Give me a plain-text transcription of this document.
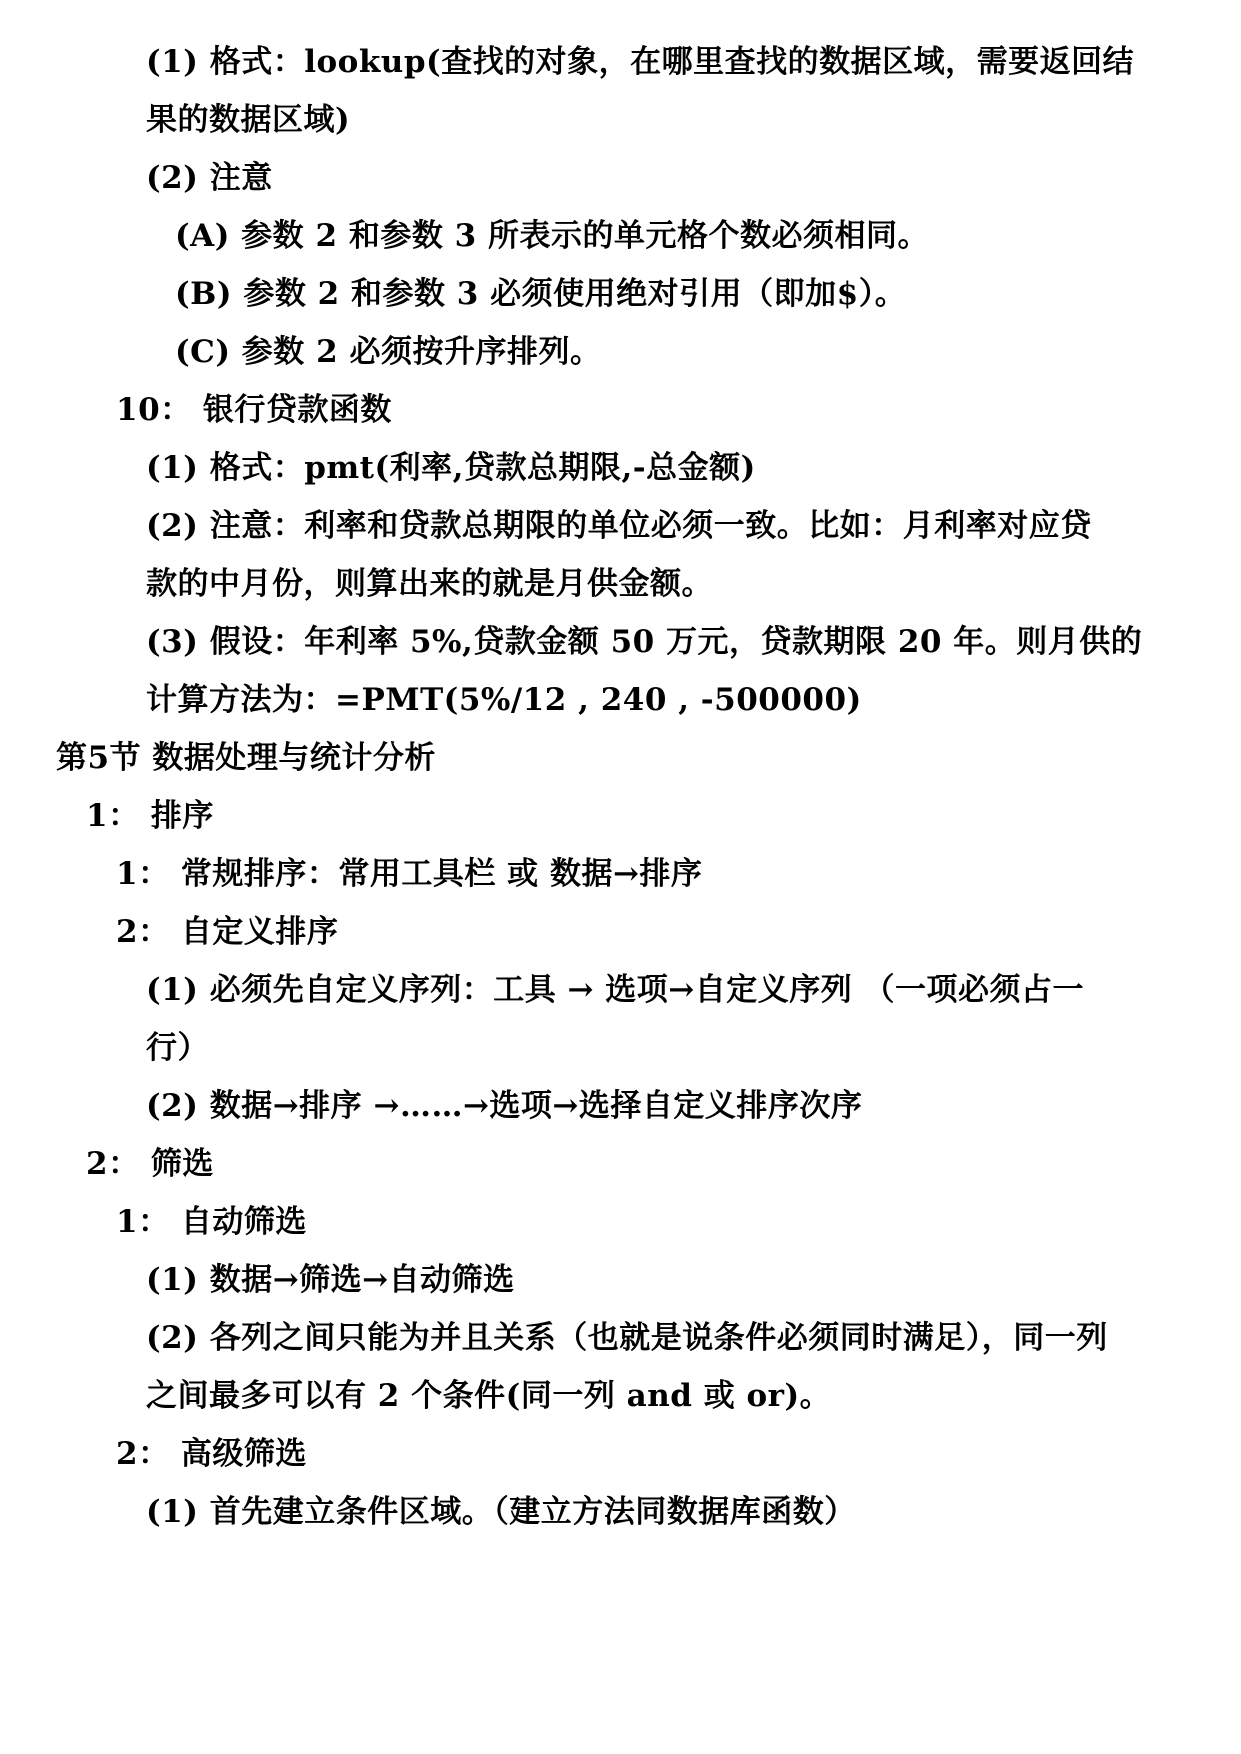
(1) 格式：lookup(查找的对象，在哪里查找的数据区域，需要返回结
果的数据区域)
(2) 注意
(A) 参数 2 和参数 3 所表示的单元格个数必须相同。
(B) 参数 2 和参数 3 必须使用绝对引用（即加$）。
(C) 参数 2 必须按升序排列。
10： 银行贷款函数
(1) 格式：pmt(利率,贷款总期限,-总金额)
(2) 注意：利率和贷款总期限的单位必须一致。比如：月利率对应贷
款的中月份，则算出来的就是月供金额。
(3) 假设：年利率 5%,贷款金额 50 万元，贷款期限 20 年。则月供的
计算方法为：=PMT(5%/12 , 240 , -500000)
第5节 数据处理与统计分析
1： 排序
1： 常规排序：常用工具栏 或 数据→排序
2： 自定义排序
(1) 必须先自定义序列：工具 → 选项→自定义序列 （一项必须占一
行）
(2) 数据→排序 →……→选项→选择自定义排序次序
2： 筛选
1： 自动筛选
(1) 数据→筛选→自动筛选
(2) 各列之间只能为并且关系（也就是说条件必须同时满足），同一列
之间最多可以有 2 个条件(同一列 and 或 or)。
2： 高级筛选
(1) 首先建立条件区域。（建立方法同数据库函数）
